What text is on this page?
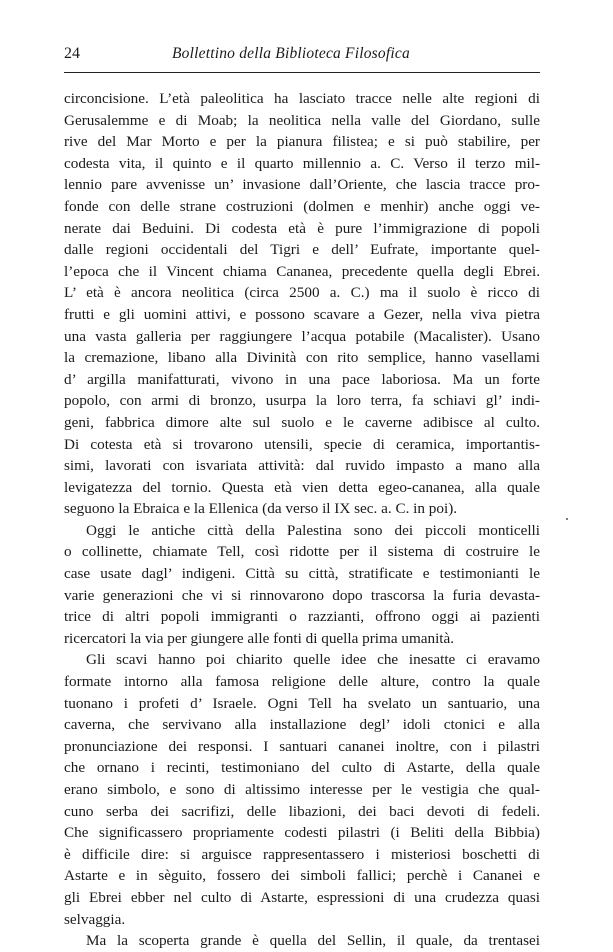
24	Bollettino della Biblioteca Filosofica
circoncisione. L’età paleolitica ha lasciato tracce nelle alte regioni di
Gerusalemme e di Moab; la neolitica nella valle del Giordano, sulle
rive del Mar Morto e per la pianura filistea; e si può stabilire, per
codesta vita, il quinto e il quarto millennio a. C. Verso il terzo mil-
lennio pare avvenisse un’ invasione dall’Oriente, che lascia tracce pro-
fonde con delle strane costruzioni (dolmen e menhir) anche oggi ve-
nerate dai Beduini. Di codesta età è pure l’immigrazione di popoli
dalle regioni occidentali del Tigri e dell’ Eufrate, importante quel-
l’epoca che il Vincent chiama Cananea, precedente quella degli Ebrei.
L’ età è ancora neolitica (circa 2500 a. C.) ma il suolo è ricco di
frutti e gli uomini attivi, e possono scavare a Gezer, nella viva pietra
una vasta galleria per raggiungere l’acqua potabile (Macalister). Usano
la cremazione, libano alla Divinità con rito semplice, hanno vasellami
d’ argilla manifatturati, vivono in una pace laboriosa. Ma un forte
popolo, con armi di bronzo, usurpa la loro terra, fa schiavi gl’ indi-
geni, fabbrica dimore alte sul suolo e le caverne adibisce al culto.
Di cotesta età si trovarono utensili, specie di ceramica, importantis-
simi, lavorati con isvariata attività: dal ruvido impasto a mano alla
levigatezza del tornio. Questa età vien detta egeo-cananea, alla quale
seguono la Ebraica e la Ellenica (da verso il IX sec. a. C. in poi).
Oggi le antiche città della Palestina sono dei piccoli monticelli
o collinette, chiamate Tell, così ridotte per il sistema di costruire le
case usate dagl’ indigeni. Città su città, stratificate e testimonianti le
varie generazioni che vi si rinnovarono dopo trascorsa la furia devasta-
trice di altri popoli immigranti o razzianti, offrono oggi ai pazienti
ricercatori la via per giungere alle fonti di quella prima umanità.
Gli scavi hanno poi chiarito quelle idee che inesatte ci eravamo
formate intorno alla famosa religione delle alture, contro la quale
tuonano i profeti d’ Israele. Ogni Tell ha svelato un santuario, una
caverna, che servivano alla installazione degl’ idoli ctonici e alla
pronunciazione dei responsi. I santuari cananei inoltre, con i pilastri
che ornano i recinti, testimoniano del culto di Astarte, della quale
erano simbolo, e sono di altissimo interesse per le vestigia che qual-
cuno serba dei sacrifizi, delle libazioni, dei baci devoti di fedeli.
Che significassero propriamente codesti pilastri (i Beliti della Bibbia)
è difficile dire: si arguisce rappresentassero i misteriosi boschetti di
Astarte e in sèguito, fossero dei simboli fallici; perchè i Cananei e
gli Ebrei ebber nel culto di Astarte, espressioni di una crudezza quasi
selvaggia.
Ma la scoperta grande è quella del Sellin, il quale, da trentasei
